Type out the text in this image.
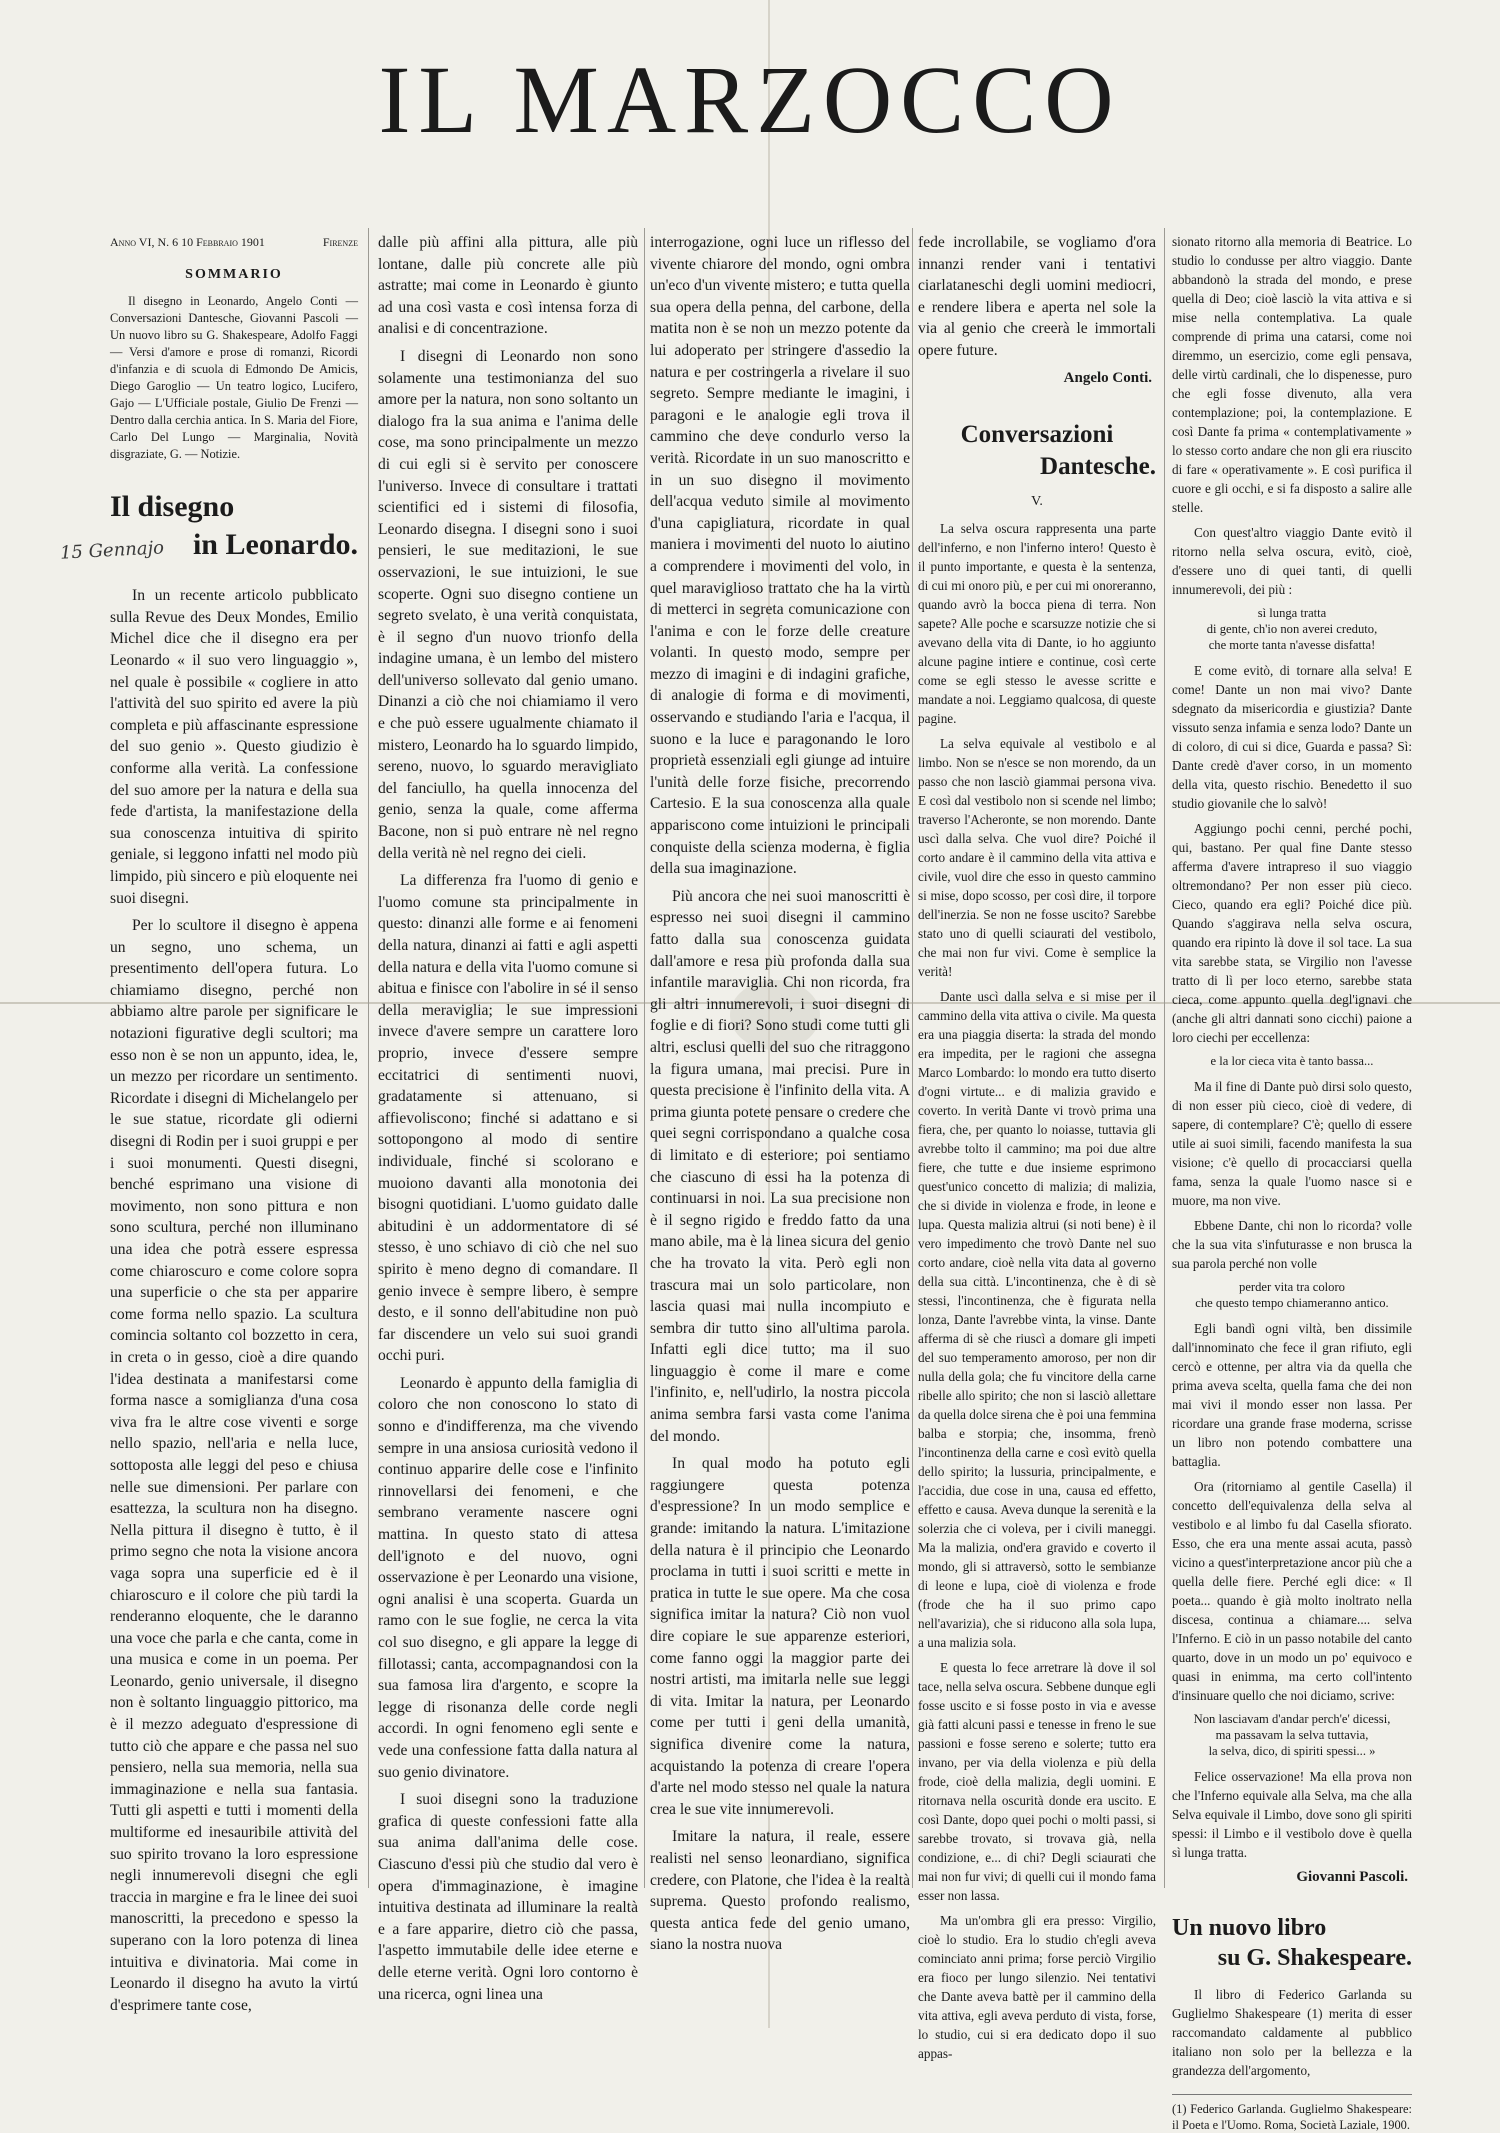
IL MARZOCCO
15 Gennajo
Anno VI, N. 6 10 Febbraio 1901	Firenze
SOMMARIO

Il disegno in Leonardo, Angelo Conti — Conversazioni Dantesche, Giovanni Pascoli — Un nuovo libro su G. Shakespeare, Adolfo Faggi — Versi d'amore e prose di romanzi, Ricordi d'infanzia e di scuola di Edmondo De Amicis, Diego Garoglio — Un teatro logico, Lucifero, Gajo — L'Ufficiale postale, Giulio De Frenzi — Dentro dalla cerchia antica. In S. Maria del Fiore, Carlo Del Lungo — Marginalia, Novità disgraziate, G. — Notizie.

Il disegno
in Leonardo.

In un recente articolo pubblicato sulla Revue des Deux Mondes, Emilio Michel dice che il disegno era per Leonardo « il suo vero linguaggio », nel quale è possibile « cogliere in atto l'attività del suo spirito ed avere la più completa e più affascinante espressione del suo genio ». Questo giudizio è conforme alla verità. La confessione del suo amore per la natura e della sua fede d'artista, la manifestazione della sua conoscenza intuitiva di spirito geniale, si leggono infatti nel modo più limpido, più sincero e più eloquente nei suoi disegni.

Per lo scultore il disegno è appena un segno, uno schema, un presentimento dell'opera futura. Lo chiamiamo disegno, perché non abbiamo altre parole per significare le notazioni figurative degli scultori; ma esso non è se non un appunto, idea, le, un mezzo per ricordare un sentimento. Ricordate i disegni di Michelangelo per le sue statue, ricordate gli odierni disegni di Rodin per i suoi gruppi e per i suoi monumenti. Questi disegni, benché esprimano una visione di movimento, non sono pittura e non sono scultura, perché non illuminano una idea che potrà essere espressa come chiaroscuro e come colore sopra una superficie o che sta per apparire come forma nello spazio. La scultura comincia soltanto col bozzetto in cera, in creta o in gesso, cioè a dire quando l'idea destinata a manifestarsi come forma nasce a somiglianza d'una cosa viva fra le altre cose viventi e sorge nello spazio, nell'aria e nella luce, sottoposta alle leggi del peso e chiusa nelle sue dimensioni. Per parlare con esattezza, la scultura non ha disegno. Nella pittura il disegno è tutto, è il primo segno che nota la visione ancora vaga sopra una superficie ed è il chiaroscuro e il colore che più tardi la renderanno eloquente, che le daranno una voce che parla e che canta, come in una musica e come in un poema. Per Leonardo, genio universale, il disegno non è soltanto linguaggio pittorico, ma è il mezzo adeguato d'espressione di tutto ciò che appare e che passa nel suo pensiero, nella sua memoria, nella sua immaginazione e nella sua fantasia. Tutti gli aspetti e tutti i momenti della multiforme ed inesauribile attività del suo spirito trovano la loro espressione negli innumerevoli disegni che egli traccia in margine e fra le linee dei suoi manoscritti, la precedono e spesso la superano con la loro potenza di linea intuitiva e divinatoria. Mai come in Leonardo il disegno ha avuto la virtú d'esprimere tante cose,

dalle più affini alla pittura, alle più lontane, dalle più concrete alle più astratte; mai come in Leonardo è giunto ad una così vasta e così intensa forza di analisi e di concentrazione.

I disegni di Leonardo non sono solamente una testimonianza del suo amore per la natura, non sono soltanto un dialogo fra la sua anima e l'anima delle cose, ma sono principalmente un mezzo di cui egli si è servito per conoscere l'universo. Invece di consultare i trattati scientifici ed i sistemi di filosofia, Leonardo disegna. I disegni sono i suoi pensieri, le sue meditazioni, le sue osservazioni, le sue intuizioni, le sue scoperte. Ogni suo disegno contiene un segreto svelato, è una verità conquistata, è il segno d'un nuovo trionfo della indagine umana, è un lembo del mistero dell'universo sollevato dal genio umano. Dinanzi a ciò che noi chiamiamo il vero e che può essere ugualmente chiamato il mistero, Leonardo ha lo sguardo limpido, sereno, nuovo, lo sguardo meravigliato del fanciullo, ha quella innocenza del genio, senza la quale, come afferma Bacone, non si può entrare nè nel regno della verità nè nel regno dei cieli.

La differenza fra l'uomo di genio e l'uomo comune sta principalmente in questo: dinanzi alle forme e ai fenomeni della natura, dinanzi ai fatti e agli aspetti della natura e della vita l'uomo comune si abitua e finisce con l'abolire in sé il senso della meraviglia; le sue impressioni invece d'avere sempre un carattere loro proprio, invece d'essere sempre eccitatrici di sentimenti nuovi, gradatamente si attenuano, si affievoliscono; finché si adattano e si sottopongono al modo di sentire individuale, finché si scolorano e muoiono davanti alla monotonia dei bisogni quotidiani. L'uomo guidato dalle abitudini è un addormentatore di sé stesso, è uno schiavo di ciò che nel suo spirito è meno degno di comandare. Il genio invece è sempre libero, è sempre desto, e il sonno dell'abitudine non può far discendere un velo sui suoi grandi occhi puri.

Leonardo è appunto della famiglia di coloro che non conoscono lo stato di sonno e d'indifferenza, ma che vivendo sempre in una ansiosa curiosità vedono il continuo apparire delle cose e l'infinito rinnovellarsi dei fenomeni, e che sembrano veramente nascere ogni mattina. In questo stato di attesa dell'ignoto e del nuovo, ogni osservazione è per Leonardo una visione, ogni analisi è una scoperta. Guarda un ramo con le sue foglie, ne cerca la vita col suo disegno, e gli appare la legge di fillotassi; canta, accompagnandosi con la sua famosa lira d'argento, e scopre la legge di risonanza delle corde negli accordi. In ogni fenomeno egli sente e vede una confessione fatta dalla natura al suo genio divinatore.

I suoi disegni sono la traduzione grafica di queste confessioni fatte alla sua anima dall'anima delle cose. Ciascuno d'essi più che studio dal vero è opera d'immaginazione, è imagine intuitiva destinata ad illuminare la realtà e a fare apparire, dietro ciò che passa, l'aspetto immutabile delle idee eterne e delle eterne verità. Ogni loro contorno è una ricerca, ogni linea una

interrogazione, ogni luce un riflesso del vivente chiarore del mondo, ogni ombra un'eco d'un vivente mistero; e tutta quella sua opera della penna, del carbone, della matita non è se non un mezzo potente da lui adoperato per stringere d'assedio la natura e per costringerla a rivelare il suo segreto. Sempre mediante le imagini, i paragoni e le analogie egli trova il cammino che deve condurlo verso la verità. Ricordate in un suo manoscritto e in un suo disegno il movimento dell'acqua veduto simile al movimento d'una capigliatura, ricordate in qual maniera i movimenti del nuoto lo aiutino a comprendere i movimenti del volo, in quel maraviglioso trattato che ha la virtù di metterci in segreta comunicazione con l'anima e con le forze delle creature volanti. In questo modo, sempre per mezzo di imagini e di indagini grafiche, di analogie di forma e di movimenti, osservando e studiando l'aria e l'acqua, il suono e la luce e paragonando le loro proprietà essenziali egli giunge ad intuire l'unità delle forze fisiche, precorrendo Cartesio. E la sua conoscenza alla quale appariscono come intuizioni le principali conquiste della scienza moderna, è figlia della sua imaginazione.

Più ancora che nei suoi manoscritti è espresso nei suoi disegni il cammino fatto dalla sua conoscenza guidata dall'amore e resa più profonda dalla sua infantile maraviglia. Chi non ricorda, fra gli altri innumerevoli, i suoi disegni di foglie e di fiori? Sono studi come tutti gli altri, esclusi quelli del suo che ritraggono la figura umana, mai precisi. Pure in questa precisione è l'infinito della vita. A prima giunta potete pensare o credere che quei segni corrispondano a qualche cosa di limitato e di esteriore; poi sentiamo che ciascuno di essi ha la potenza di continuarsi in noi. La sua precisione non è il segno rigido e freddo fatto da una mano abile, ma è la linea sicura del genio che ha trovato la vita. Però egli non trascura mai un solo particolare, non lascia quasi mai nulla incompiuto e sembra dir tutto sino all'ultima parola. Infatti egli dice tutto; ma il suo linguaggio è come il mare e come l'infinito, e, nell'udirlo, la nostra piccola anima sembra farsi vasta come l'anima del mondo.

In qual modo ha potuto egli raggiungere questa potenza d'espressione? In un modo semplice e grande: imitando la natura. L'imitazione della natura è il principio che Leonardo proclama in tutti i suoi scritti e mette in pratica in tutte le sue opere. Ma che cosa significa imitar la natura? Ciò non vuol dire copiare le sue apparenze esteriori, come fanno oggi la maggior parte dei nostri artisti, ma imitarla nelle sue leggi di vita. Imitar la natura, per Leonardo come per tutti i geni della umanità, significa divenire come la natura, acquistando la potenza di creare l'opera d'arte nel modo stesso nel quale la natura crea le sue vite innumerevoli.

Imitare la natura, il reale, essere realisti nel senso leonardiano, significa credere, con Platone, che l'idea è la realtà suprema. Questo profondo realismo, questa antica fede del genio umano, siano la nostra nuova

fede incrollabile, se vogliamo d'ora innanzi render vani i tentativi ciarlataneschi degli uomini mediocri, e rendere libera e aperta nel sole la via al genio che creerà le immortali opere future.

Angelo Conti.
Conversazioni
Dantesche.
V.

La selva oscura rappresenta una parte dell'inferno, e non l'inferno intero! Questo è il punto importante, e questa è la sentenza, di cui mi onoro più, e per cui mi onoreranno, quando avrò la bocca piena di terra. Non sapete? Alle poche e scarsuzze notizie che si avevano della vita di Dante, io ho aggiunto alcune pagine intiere e continue, così certe come se egli stesso le avesse scritte e mandate a noi. Leggiamo qualcosa, di queste pagine.

La selva equivale al vestibolo e al limbo. Non se n'esce se non morendo, da un passo che non lasciò giammai persona viva. E così dal vestibolo non si scende nel limbo; traverso l'Acheronte, se non morendo. Dante uscì dalla selva. Che vuol dire? Poiché il corto andare è il cammino della vita attiva e civile, vuol dire che esso in questo cammino si mise, dopo scosso, per così dire, il torpore dell'inerzia. Se non ne fosse uscito? Sarebbe stato uno di quelli sciaurati del vestibolo, che mai non fur vivi. Come è semplice la verità!

Dante uscì dalla selva e si mise per il cammino della vita attiva o civile. Ma questa era una piaggia diserta: la strada del mondo era impedita, per le ragioni che assegna Marco Lombardo: lo mondo era tutto diserto d'ogni virtute... e di malizia gravido e coverto. In verità Dante vi trovò prima una fiera, che, per quanto lo noiasse, tuttavia gli avrebbe tolto il cammino; ma poi due altre fiere, che tutte e due insieme esprimono quest'unico concetto di malizia; di malizia, che si divide in violenza e frode, in leone e lupa. Questa malizia altrui (si noti bene) è il vero impedimento che trovò Dante nel suo corto andare, cioè nella vita data al governo della sua città. L'incontinenza, che è di sè stessi, l'incontinenza, che è figurata nella lonza, Dante l'avrebbe vinta, la vinse. Dante afferma di sè che riuscì a domare gli impeti del suo temperamento amoroso, per non dir nulla della gola; che fu vincitore della carne ribelle allo spirito; che non si lasciò allettare da quella dolce sirena che è poi una femmina balba e storpia; che, insomma, frenò l'incontinenza della carne e così evitò quella dello spirito; la lussuria, principalmente, e l'accidia, due cose in una, causa ed effetto, effetto e causa. Aveva dunque la serenità e la solerzia che ci voleva, per i civili maneggi. Ma la malizia, ond'era gravido e coverto il mondo, gli si attraversò, sotto le sembianze di leone e lupa, cioè di violenza e frode (frode che ha il suo primo capo nell'avarizia), che si riducono alla sola lupa, a una malizia sola.

E questa lo fece arretrare là dove il sol tace, nella selva oscura. Sebbene dunque egli fosse uscito e si fosse posto in via e avesse già fatti alcuni passi e tenesse in freno le sue passioni e fosse sereno e solerte; tutto era invano, per via della violenza e più della frode, cioè della malizia, degli uomini. E ritornava nella oscurità donde era uscito. E così Dante, dopo quei pochi o molti passi, si sarebbe trovato, si trovava già, nella condizione, e... di chi? Degli sciaurati che mai non fur vivi; di quelli cui il mondo fama esser non lassa.

Ma un'ombra gli era presso: Virgilio, cioè lo studio. Era lo studio ch'egli aveva cominciato anni prima; forse perciò Virgilio era fioco per lungo silenzio. Nei tentativi che Dante aveva battè per il cammino della vita attiva, egli aveva perduto di vista, forse, lo studio, cui si era dedicato dopo il suo appas-

sionato ritorno alla memoria di Beatrice. Lo studio lo condusse per altro viaggio. Dante abbandonò la strada del mondo, e prese quella di Deo; cioè lasciò la vita attiva e si mise nella contemplativa. La quale comprende di prima una catarsi, come noi diremmo, un esercizio, come egli pensava, delle virtù cardinali, che lo dispenesse, puro che egli fosse divenuto, alla vera contemplazione; poi, la contemplazione. E così Dante fa prima « contemplativamente » lo stesso corto andare che non gli era riuscito di fare « operativamente ». E così purifica il cuore e gli occhi, e si fa disposto a salire alle stelle.

Con quest'altro viaggio Dante evitò il ritorno nella selva oscura, evitò, cioè, d'essere uno di quei tanti, di quelli innumerevoli, dei più :

sì lunga tratta
di gente, ch'io non averei creduto,
che morte tanta n'avesse disfatta!

E come evitò, di tornare alla selva! E come! Dante un non mai vivo? Dante sdegnato da misericordia e giustizia? Dante vissuto senza infamia e senza lodo? Dante un di coloro, di cui si dice, Guarda e passa? Sì: Dante credè d'aver corso, in un momento della vita, questo rischio. Benedetto il suo studio giovanile che lo salvò!

Aggiungo pochi cenni, perché pochi, qui, bastano. Per qual fine Dante stesso afferma d'avere intrapreso il suo viaggio oltremondano? Per non esser più cieco. Cieco, quando era egli? Poiché dice più. Quando s'aggirava nella selva oscura, quando era ripinto là dove il sol tace. La sua vita sarebbe stata, se Virgilio non l'avesse tratto di lì per loco eterno, sarebbe stata cieca, come appunto quella degl'ignavi che (anche gli altri dannati sono cicchi) paione a loro ciechi per eccellenza:

e la lor cieca vita è tanto bassa...

Ma il fine di Dante può dirsi solo questo, di non esser più cieco, cioè di vedere, di sapere, di contemplare? C'è; quello di essere utile ai suoi simili, facendo manifesta la sua visione; c'è quello di procacciarsi quella fama, senza la quale l'uomo nasce si e muore, ma non vive.

Ebbene Dante, chi non lo ricorda? volle che la sua vita s'infuturasse e non brusca la sua parola perché non volle

perder vita tra coloro
che questo tempo chiameranno antico.

Egli bandì ogni viltà, ben dissimile dall'innominato che fece il gran rifiuto, egli cercò e ottenne, per altra via da quella che prima aveva scelta, quella fama che dei non mai vivi il mondo esser non lassa. Per ricordare una grande frase moderna, scrisse un libro non potendo combattere una battaglia.

Ora (ritorniamo al gentile Casella) il concetto dell'equivalenza della selva al vestibolo e al limbo fu dal Casella sfiorato. Esso, che era una mente assai acuta, passò vicino a quest'interpretazione ancor più che a quella delle fiere. Perché egli dice: « Il poeta... quando è già molto inoltrato nella discesa, continua a chiamare.... selva l'Inferno. E ciò in un passo notabile del canto quarto, dove in un modo un po' equivoco e quasi in enimma, ma certo coll'intento d'insinuare quello che noi diciamo, scrive:

Non lasciavam d'andar perch'e' dicessi,
ma passavam la selva tuttavia,
la selva, dico, di spiriti spessi... »

Felice osservazione! Ma ella prova non che l'Inferno equivale alla Selva, ma che alla Selva equivale il Limbo, dove sono gli spiriti spessi: il Limbo e il vestibolo dove è quella sì lunga tratta.

Giovanni Pascoli.
Un nuovo libro
su G. Shakespeare.

Il libro di Federico Garlanda su Guglielmo Shakespeare (1) merita di esser raccomandato caldamente al pubblico italiano non solo per la bellezza e la grandezza dell'argomento,

(1) Federico Garlanda. Guglielmo Shakespeare: il Poeta e l'Uomo. Roma, Società Laziale, 1900.
